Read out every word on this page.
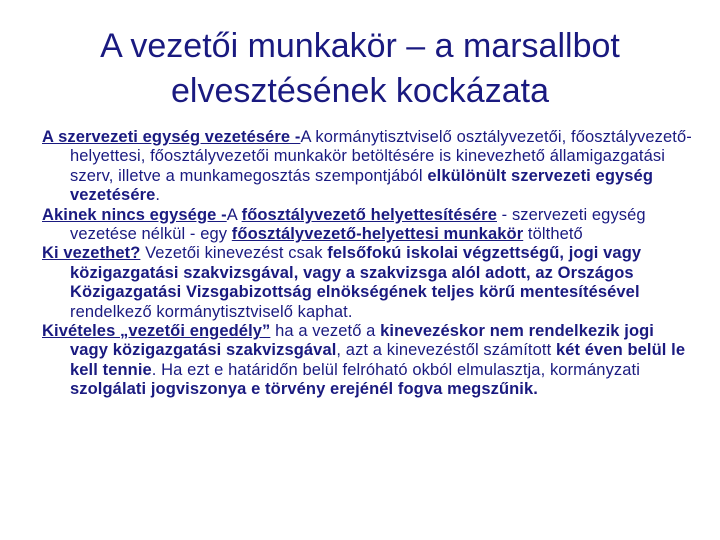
A vezetői munkakör – a marsallbot
elvesztésének kockázata

A szervezeti egység vezetésére -A kormánytisztviselő osztályvezetői, főosztályvezető-helyettesi, főosztályvezetői munkakör betöltésére is kinevezhető államigazgatási szerv, illetve a munkamegosztás szempontjából elkülönült szervezeti egység vezetésére.

Akinek nincs egysége -A főosztályvezető helyettesítésére - szervezeti egység vezetése nélkül - egy főosztályvezető-helyettesi munkakör tölthető

Ki vezethet? Vezetői kinevezést csak felsőfokú iskolai végzettségű, jogi vagy közigazgatási szakvizsgával, vagy a szakvizsga alól adott, az Országos Közigazgatási Vizsgabizottság elnökségének teljes körű mentesítésével rendelkező kormánytisztviselő kaphat.

Kivételes „vezetői engedély” ha a vezető a kinevezéskor nem rendelkezik jogi vagy közigazgatási szakvizsgával, azt a kinevezéstől számított két éven belül le kell tennie. Ha ezt e határidőn belül felróható okból elmulasztja, kormányzati szolgálati jogviszonya e törvény erejénél fogva megszűnik.
